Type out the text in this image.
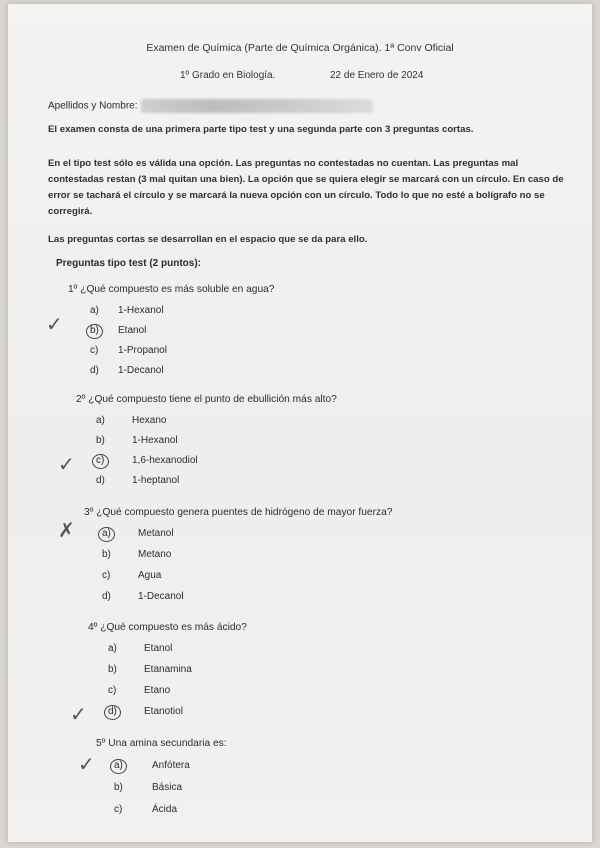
Examen de Química (Parte de Química Orgánica). 1ª Conv Oficial
1º Grado en Biología.	22 de Enero de 2024
Apellidos y Nombre:
El examen consta de una primera parte tipo test y una segunda parte con 3 preguntas cortas.
En el tipo test sólo es válida una opción. Las preguntas no contestadas no cuentan. Las preguntas mal contestadas restan (3 mal quitan una bien). La opción que se quiera elegir se marcará con un círculo. En caso de error se tachará el círculo y se marcará la nueva opción con un círculo. Todo lo que no esté a bolígrafo no se corregirá.
Las preguntas cortas se desarrollan en el espacio que se da para ello.
Preguntas tipo test (2 puntos):
1º ¿Qué compuesto es más soluble en agua?
✓
a) 1-Hexanol
b) Etanol
c) 1-Propanol
d) 1-Decanol
2º ¿Qué compuesto tiene el punto de ebullición más alto?
✓
a)	Hexano
b)	1-Hexanol
c)	1,6-hexanodiol
d)	1-heptanol
3º ¿Qué compuesto genera puentes de hidrógeno de mayor fuerza?
✗	a)	Metanol
b)	Metano
c)	Agua
d)	1-Decanol
4º ¿Qué compuesto es más ácido?
✓
a)	Etanol
b)	Etanamina
c)	Etano
d)	Etanotiol
5º Una amina secundaria es:
✓ a)	Anfótera
b)	Básica
c)	Ácida
